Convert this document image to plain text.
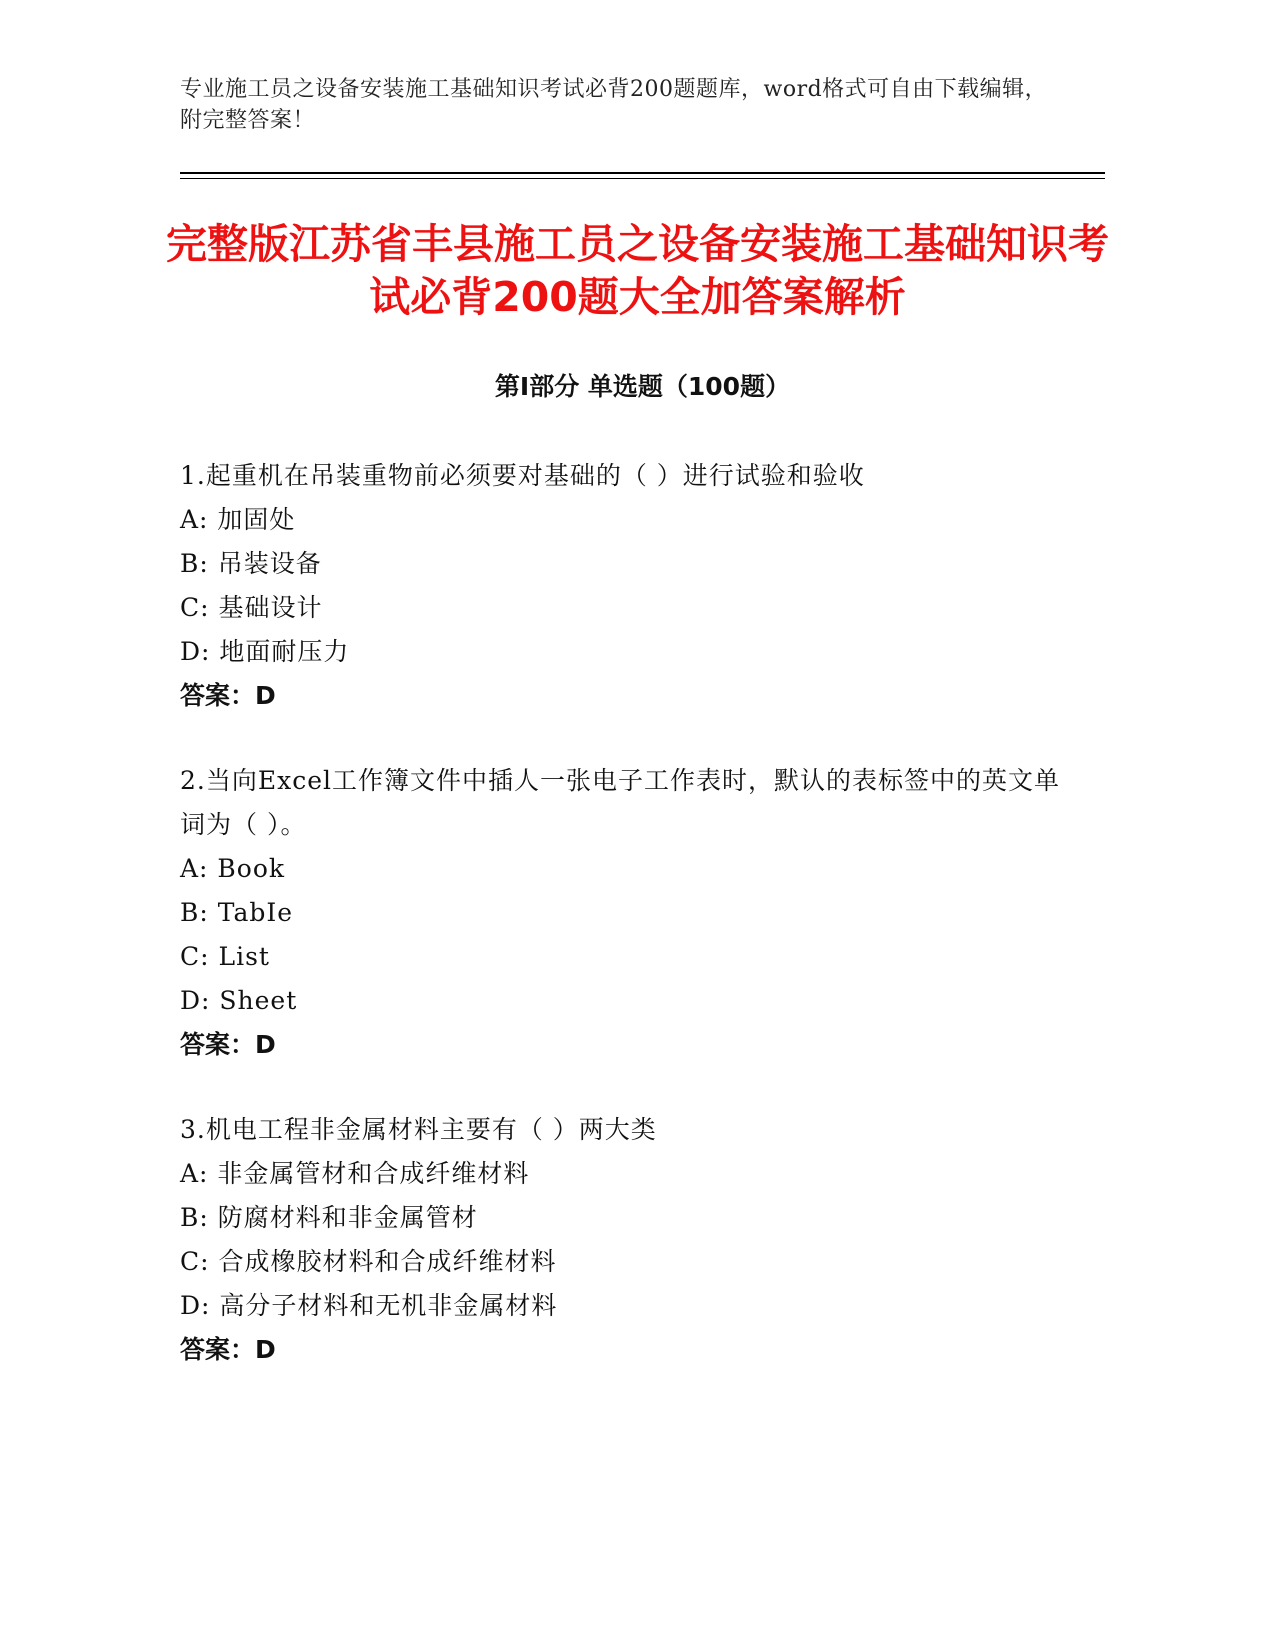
专业施工员之设备安装施工基础知识考试必背200题题库，word格式可自由下载编辑，附完整答案！
完整版江苏省丰县施工员之设备安装施工基础知识考试必背200题大全加答案解析
第I部分 单选题（100题）

1.起重机在吊装重物前必须要对基础的（ ）进行试验和验收

A: 加固处

B: 吊装设备

C: 基础设计

D: 地面耐压力

答案：D

2.当向Excel工作簿文件中插人一张电子工作表时，默认的表标签中的英文单词为（ ）。

A: Book

B: TabIe

C: List

D: Sheet

答案：D

3.机电工程非金属材料主要有（ ）两大类

A: 非金属管材和合成纤维材料

B: 防腐材料和非金属管材

C: 合成橡胶材料和合成纤维材料

D: 高分子材料和无机非金属材料

答案：D
